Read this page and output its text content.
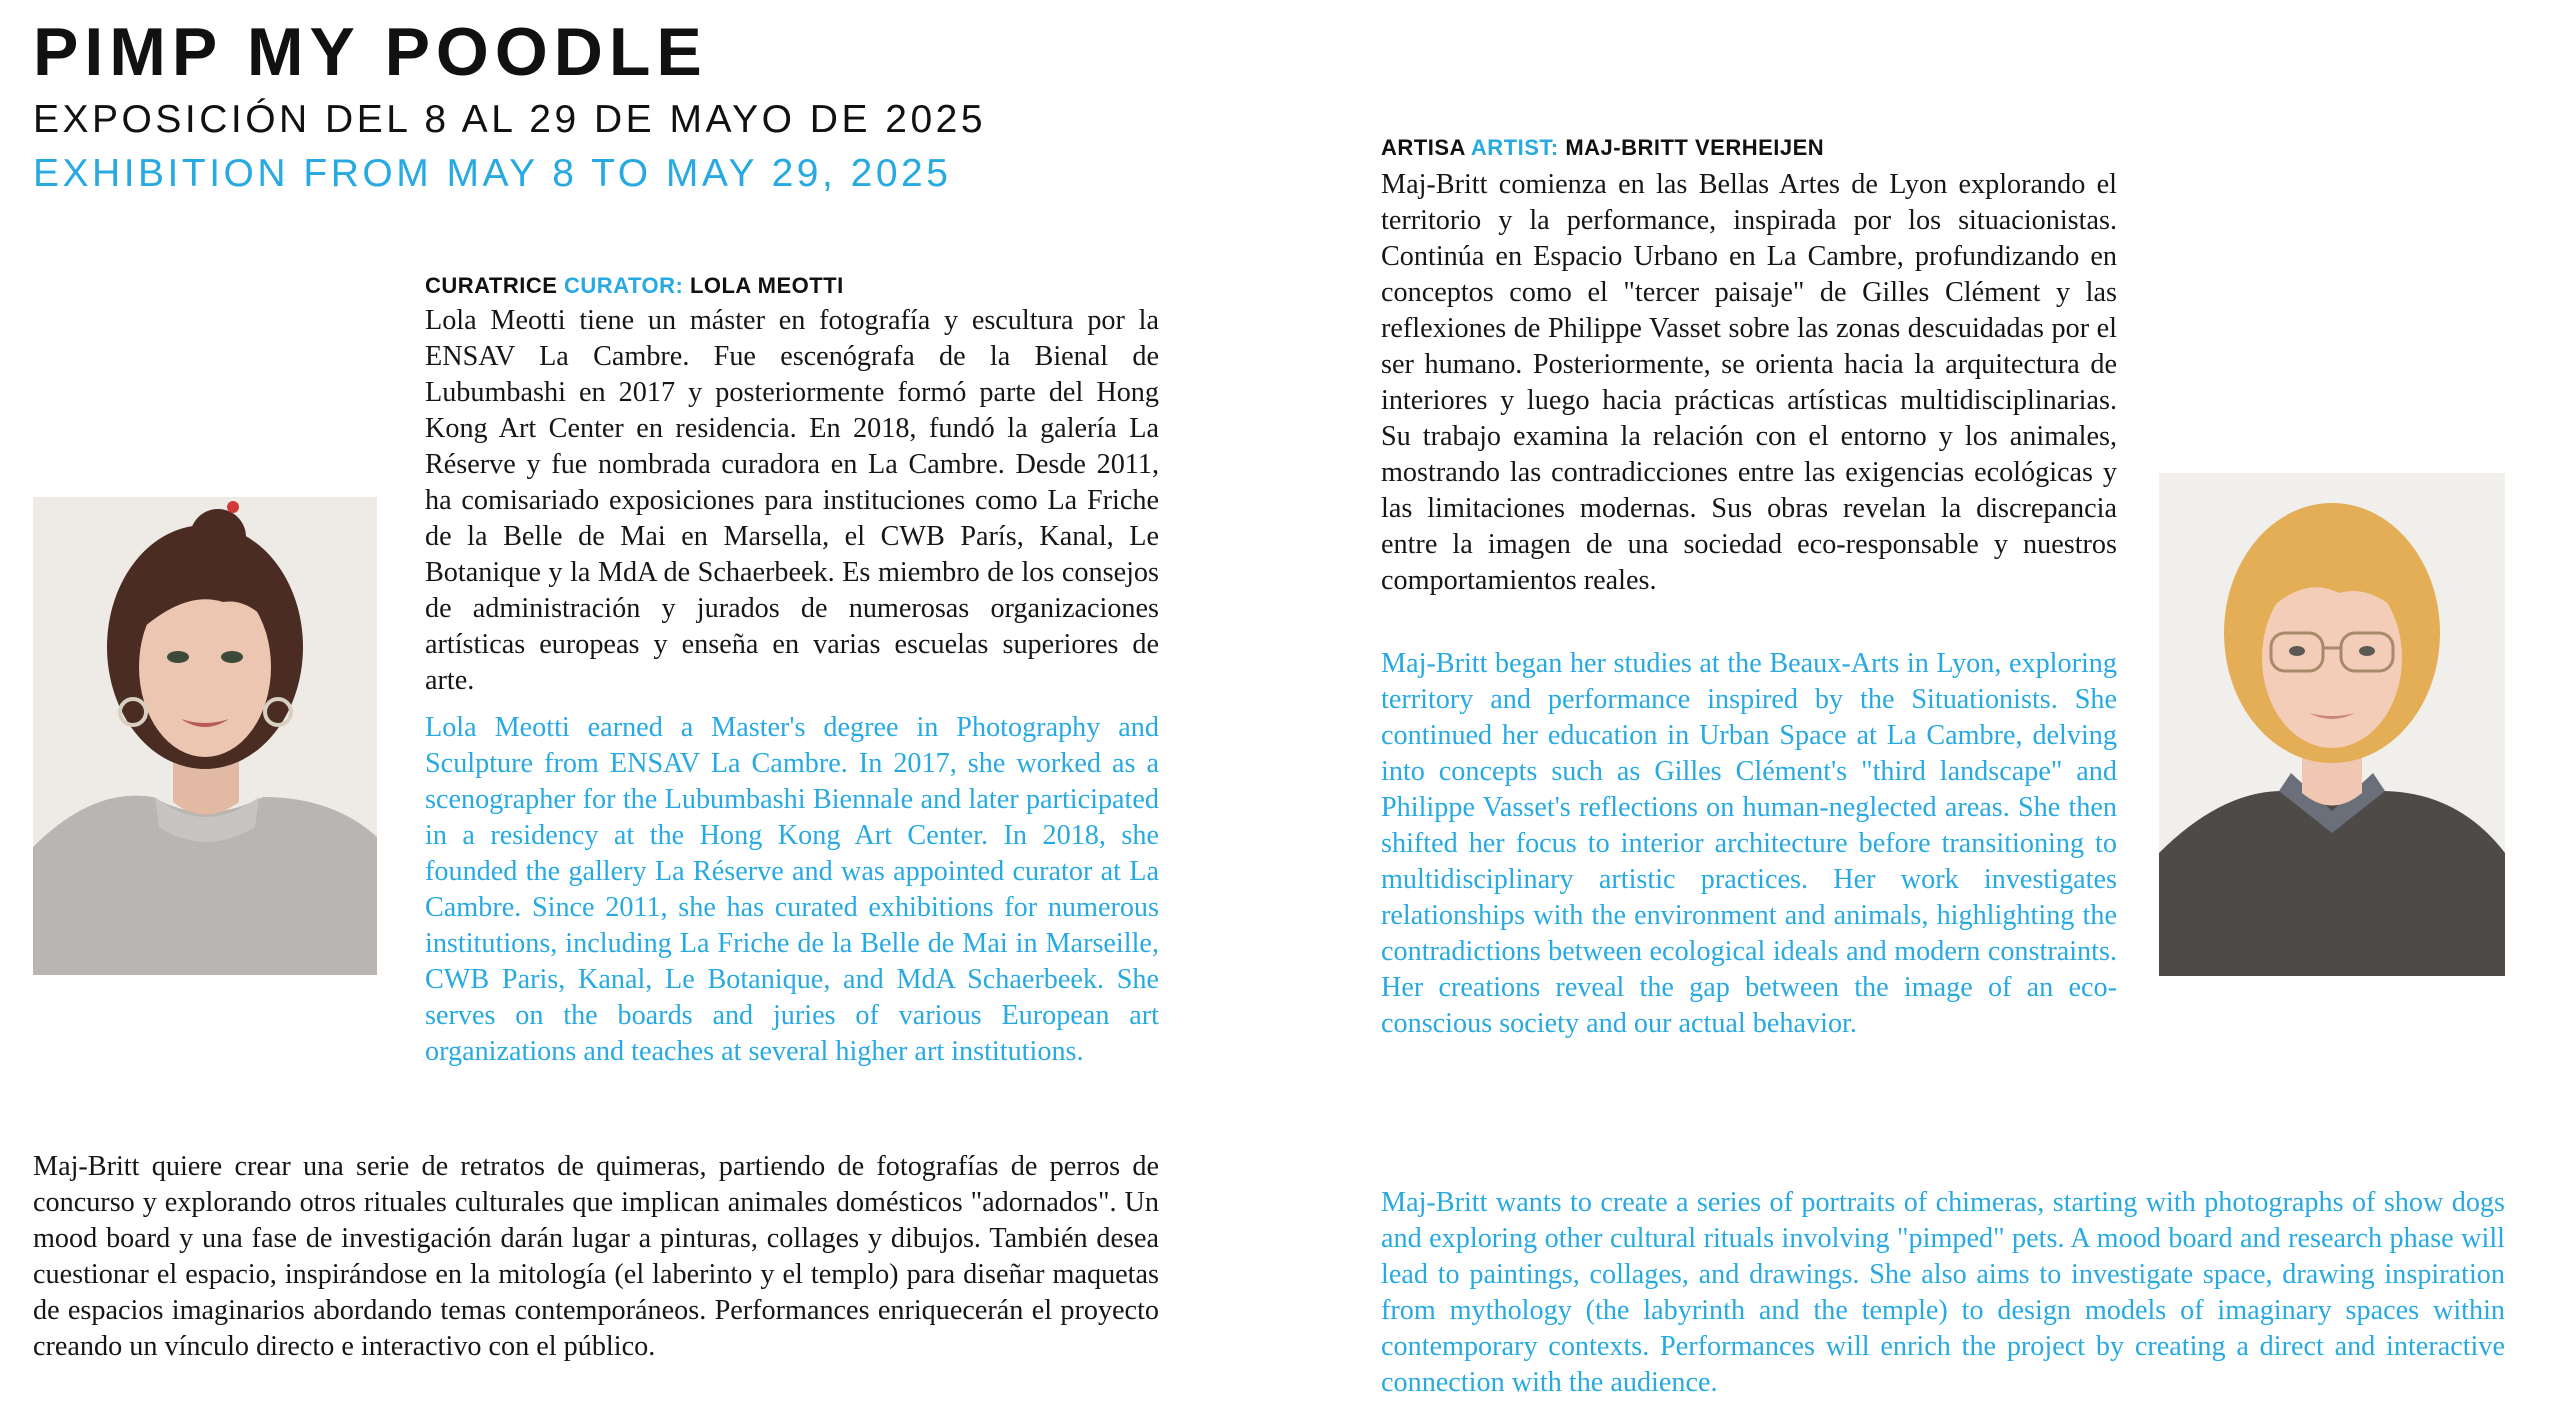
PIMP MY POODLE
EXPOSICIÓN DEL 8 AL 29 DE MAYO DE 2025
EXHIBITION FROM MAY 8 TO MAY 29, 2025
CURATRICE CURATOR: LOLA MEOTTI
Lola Meotti tiene un máster en fotografía y escultura por la ENSAV La Cambre. Fue escenógrafa de la Bienal de Lubumbashi en 2017 y posteriormente formó parte del Hong Kong Art Center en residencia. En 2018, fundó la galería La Réserve y fue nombrada curadora en La Cambre. Desde 2011, ha comisariado exposiciones para instituciones como La Friche de la Belle de Mai en Marsella, el CWB París, Kanal, Le Botanique y la MdA de Schaerbeek. Es miembro de los consejos de administración y jurados de numerosas organizaciones artísticas europeas y enseña en varias escuelas superiores de arte.
Lola Meotti earned a Master's degree in Photography and Sculpture from ENSAV La Cambre. In 2017, she worked as a scenographer for the Lubumbashi Biennale and later participated in a residency at the Hong Kong Art Center. In 2018, she founded the gallery La Réserve and was appointed curator at La Cambre. Since 2011, she has curated exhibitions for numerous institutions, including La Friche de la Belle de Mai in Marseille, CWB Paris, Kanal, Le Botanique, and MdA Schaerbeek. She serves on the boards and juries of various European art organizations and teaches at several higher art institutions.
ARTISA ARTIST: MAJ-BRITT VERHEIJEN
Maj-Britt comienza en las Bellas Artes de Lyon explorando el territorio y la performance, inspirada por los situacionistas. Continúa en Espacio Urbano en La Cambre, profundizando en conceptos como el "tercer paisaje" de Gilles Clément y las reflexiones de Philippe Vasset sobre las zonas descuidadas por el ser humano. Posteriormente, se orienta hacia la arquitectura de interiores y luego hacia prácticas artísticas multidisciplinarias. Su trabajo examina la relación con el entorno y los animales, mostrando las contradicciones entre las exigencias ecológicas y las limitaciones modernas. Sus obras revelan la discrepancia entre la imagen de una sociedad eco-responsable y nuestros comportamientos reales.
Maj-Britt began her studies at the Beaux-Arts in Lyon, exploring territory and performance inspired by the Situationists. She continued her education in Urban Space at La Cambre, delving into concepts such as Gilles Clément's "third landscape" and Philippe Vasset's reflections on human-neglected areas. She then shifted her focus to interior architecture before transitioning to multidisciplinary artistic practices. Her work investigates relationships with the environment and animals, highlighting the contradictions between ecological ideals and modern constraints. Her creations reveal the gap between the image of an eco-conscious society and our actual behavior.
Maj-Britt quiere crear una serie de retratos de quimeras, partiendo de fotografías de perros de concurso y explorando otros rituales culturales que implican animales domésticos "adornados". Un mood board y una fase de investigación darán lugar a pinturas, collages y dibujos. También desea cuestionar el espacio, inspirándose en la mitología (el laberinto y el templo) para diseñar maquetas de espacios imaginarios abordando temas contemporáneos. Performances enriquecerán el proyecto creando un vínculo directo e interactivo con el público.
Maj-Britt wants to create a series of portraits of chimeras, starting with photographs of show dogs and exploring other cultural rituals involving "pimped" pets. A mood board and research phase will lead to paintings, collages, and drawings. She also aims to investigate space, drawing inspiration from mythology (the labyrinth and the temple) to design models of imaginary spaces within contemporary contexts. Performances will enrich the project by creating a direct and interactive connection with the audience.
